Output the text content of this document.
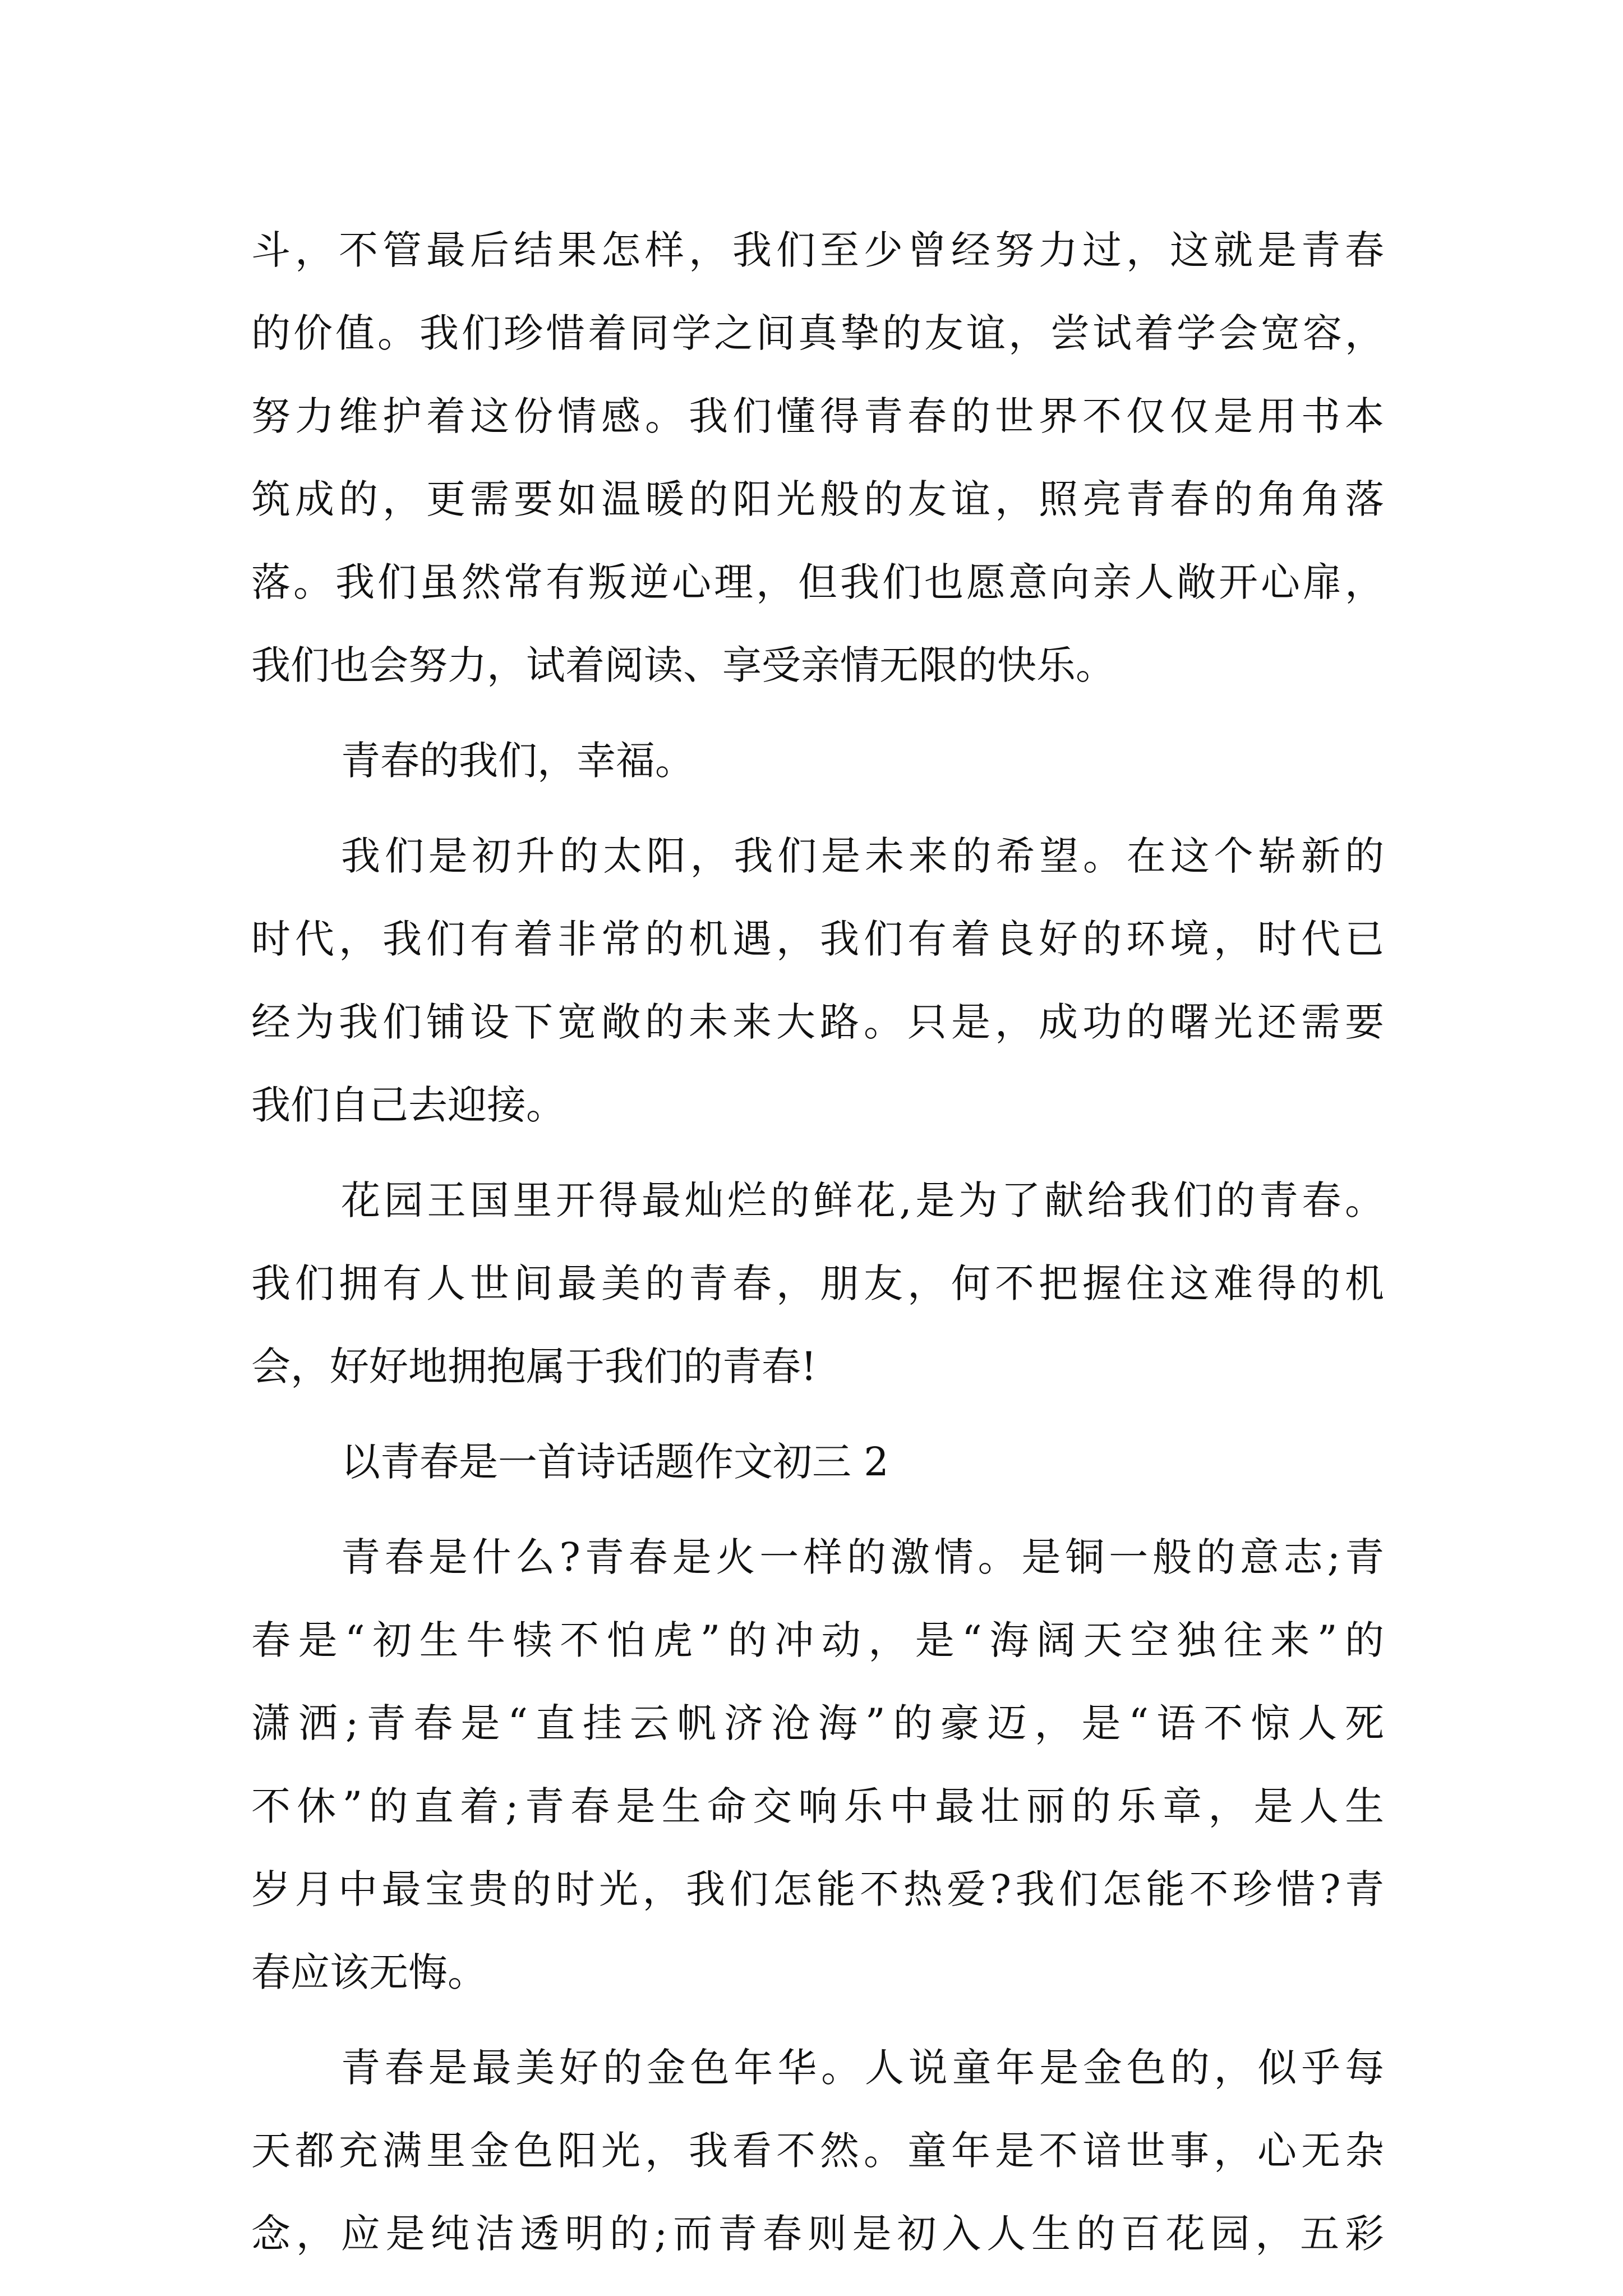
斗，不管最后结果怎样，我们至少曾经努力过，这就是青春
的价值。我们珍惜着同学之间真挚的友谊，尝试着学会宽容，
努力维护着这份情感。我们懂得青春的世界不仅仅是用书本
筑成的，更需要如温暖的阳光般的友谊，照亮青春的角角落
落。我们虽然常有叛逆心理，但我们也愿意向亲人敞开心扉，
我们也会努力，试着阅读、享受亲情无限的快乐。
青春的我们，幸福。
我们是初升的太阳，我们是未来的希望。在这个崭新的
时代，我们有着非常的机遇，我们有着良好的环境，时代已
经为我们铺设下宽敞的未来大路。只是，成功的曙光还需要
我们自己去迎接。
花园王国里开得最灿烂的鲜花,是为了献给我们的青春。
我们拥有人世间最美的青春，朋友，何不把握住这难得的机
会，好好地拥抱属于我们的青春!
以青春是一首诗话题作文初三 2
青春是什么?青春是火一样的激情。是铜一般的意志;青
春是“初生牛犊不怕虎”的冲动，是“海阔天空独往来”的
潇洒;青春是“直挂云帆济沧海”的豪迈，是“语不惊人死
不休”的直着;青春是生命交响乐中最壮丽的乐章，是人生
岁月中最宝贵的时光，我们怎能不热爱?我们怎能不珍惜?青
春应该无悔。
青春是最美好的金色年华。人说童年是金色的，似乎每
天都充满里金色阳光，我看不然。童年是不谙世事，心无杂
念，应是纯洁透明的;而青春则是初入人生的百花园，五彩
